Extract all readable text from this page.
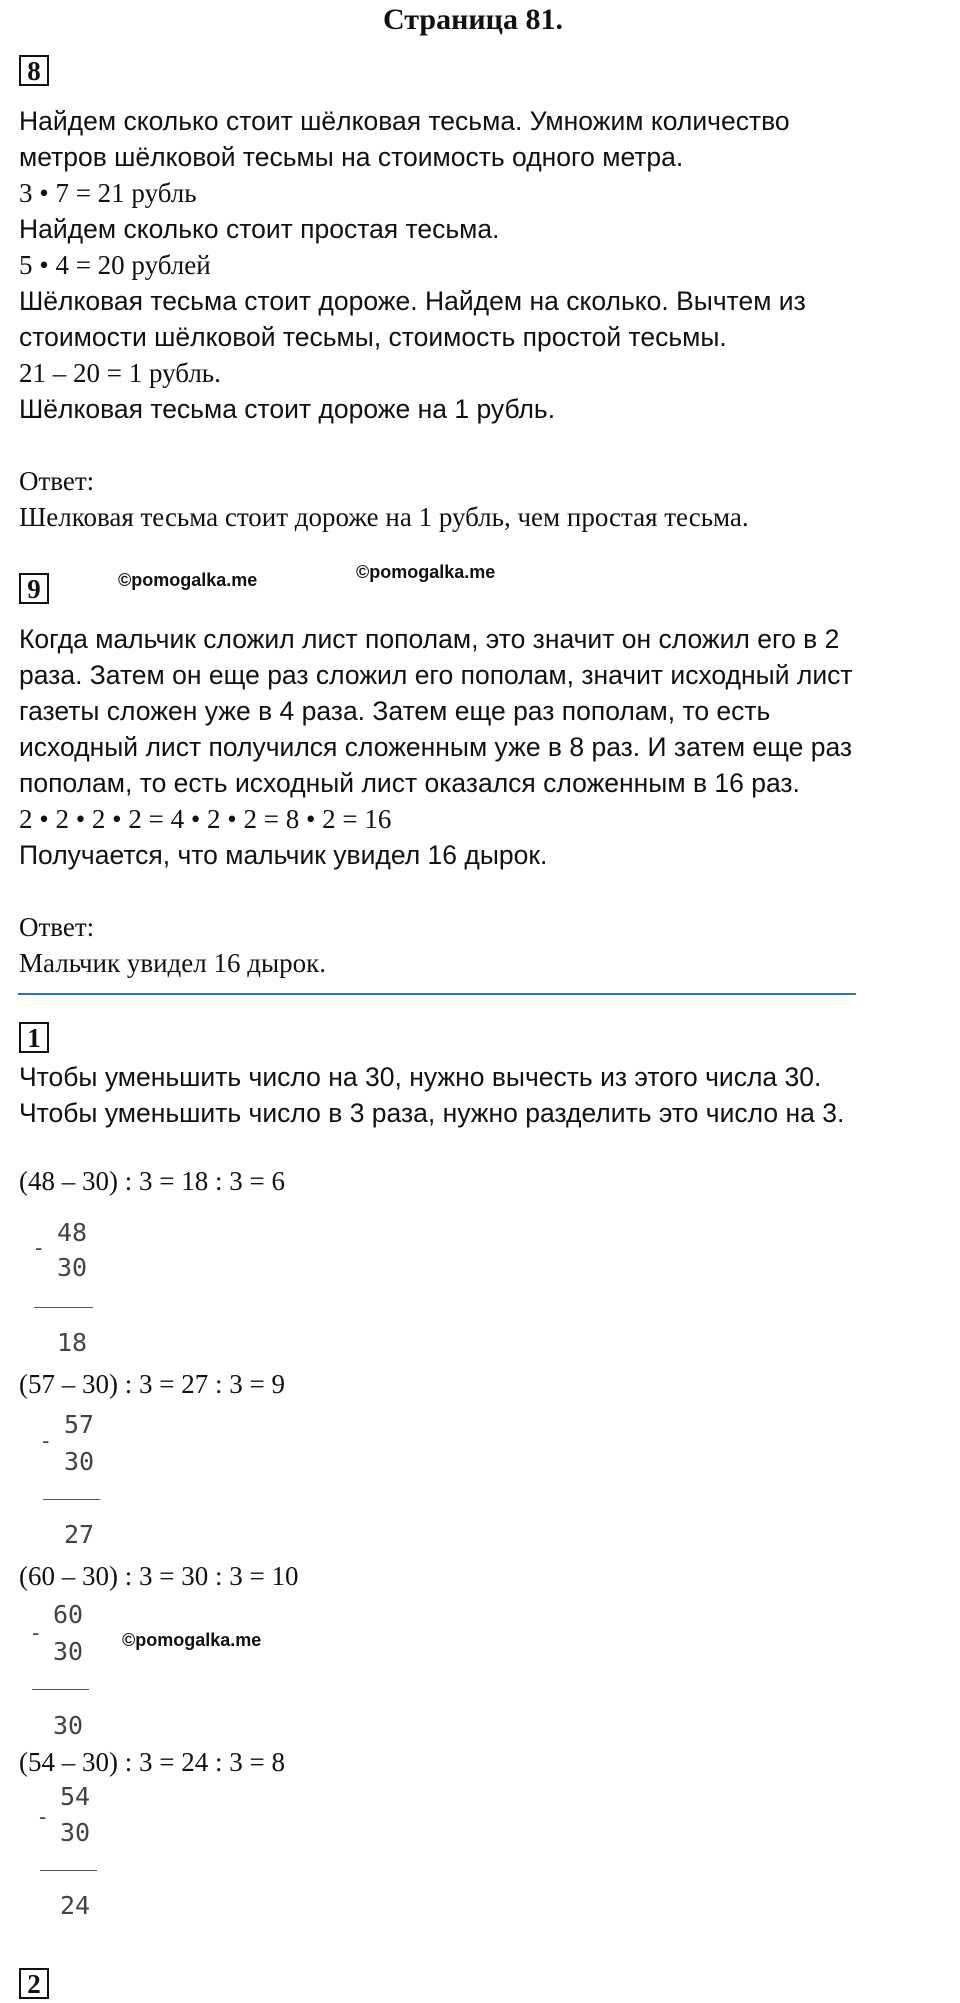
Страница 81.
8
Найдем сколько стоит шёлковая тесьма. Умножим количество
метров шёлковой тесьмы на стоимость одного метра.
3 • 7 = 21 рубль
Найдем сколько стоит простая тесьма.
5 • 4 = 20 рублей
Шёлковая тесьма стоит дороже. Найдем на сколько. Вычтем из
стоимости шёлковой тесьмы, стоимость простой тесьмы.
21 – 20 = 1 рубль.
Шёлковая тесьма стоит дороже на 1 рубль.
Ответ:
Шелковая тесьма стоит дороже на 1 рубль, чем простая тесьма.
9	©pomogalka.me	©pomogalka.me
Когда мальчик сложил лист пополам, это значит он сложил его в 2
раза. Затем он еще раз сложил его пополам, значит исходный лист
газеты сложен уже в 4 раза. Затем еще раз пополам, то есть
исходный лист получился сложенным уже в 8 раз. И затем еще раз
пополам, то есть исходный лист оказался сложенным в 16 раз.
2 • 2 • 2 • 2 = 4 • 2 • 2 = 8 • 2 = 16
Получается, что мальчик увидел 16 дырок.
Ответ:
Мальчик увидел 16 дырок.
1
Чтобы уменьшить число на 30, нужно вычесть из этого числа 30.
Чтобы уменьшить число в 3 раза, нужно разделить это число на 3.
(48 – 30) : 3 = 18 : 3 = 6
-
48
30
18
(57 – 30) : 3 = 27 : 3 = 9
-
57
30
27
(60 – 30) : 3 = 30 : 3 = 10
-
60
30 ©pomogalka.me
30
(54 – 30) : 3 = 24 : 3 = 8
-
54
30
24
2
